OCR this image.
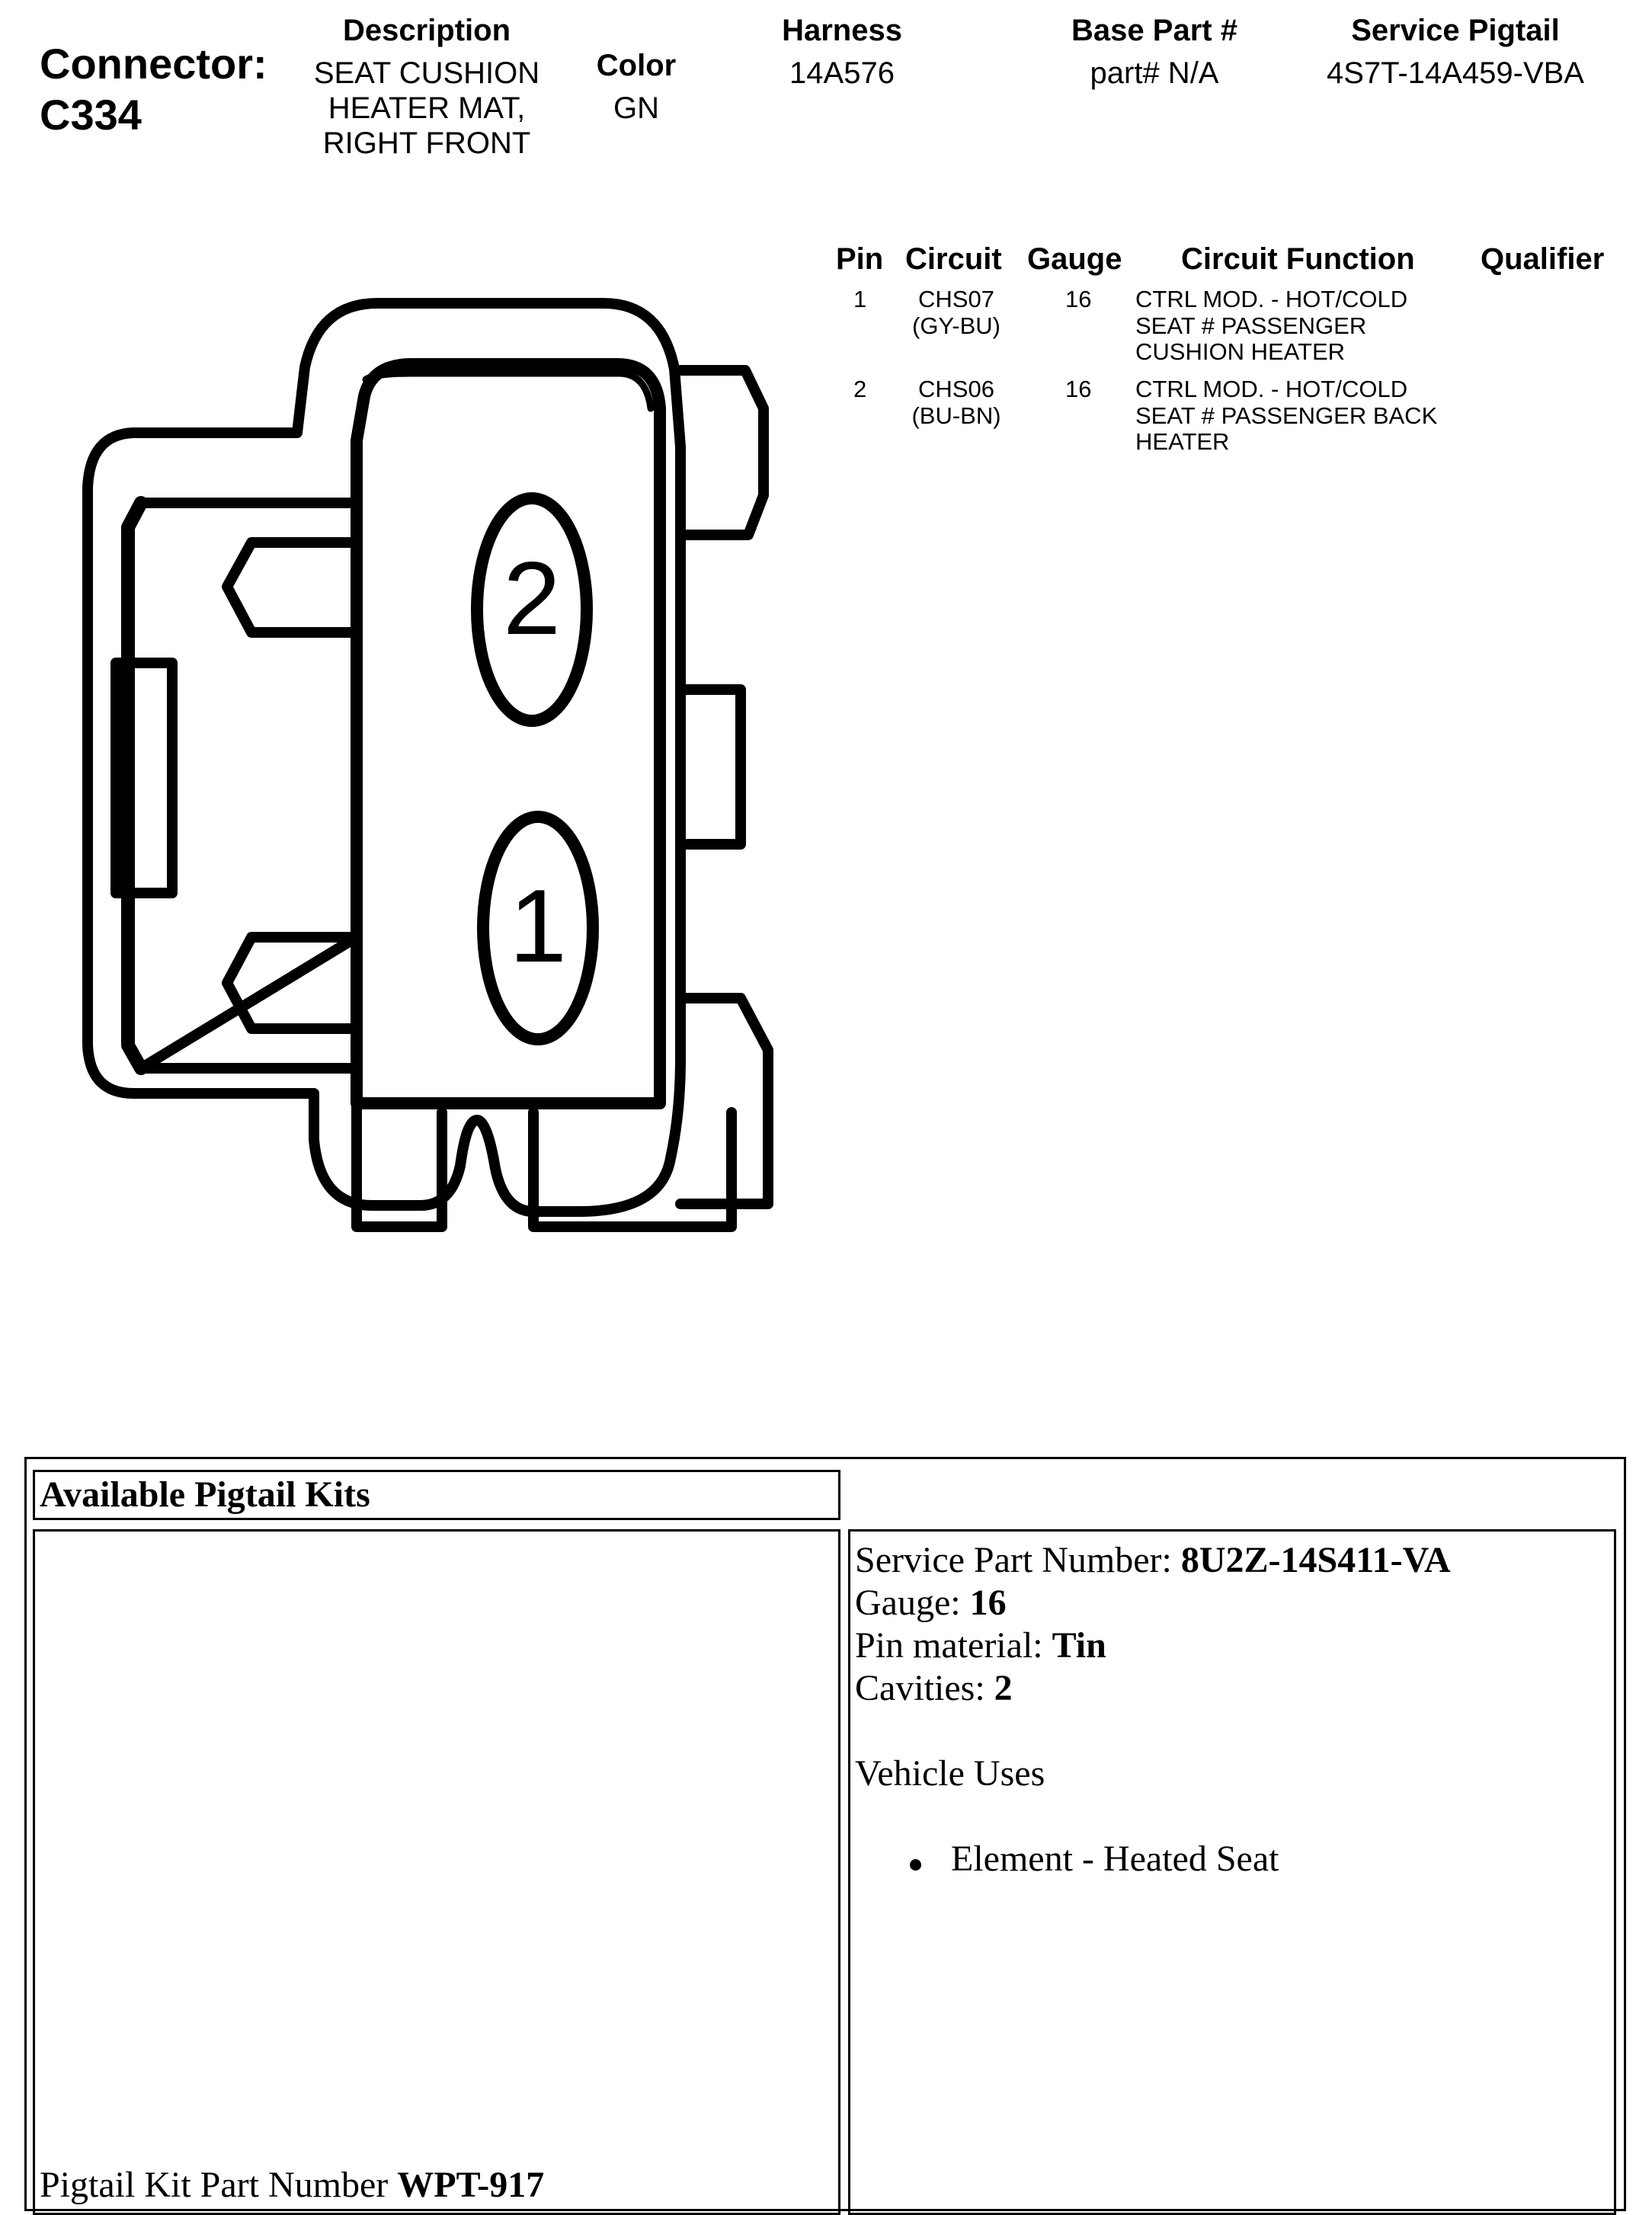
Connector:
C334
Description
SEAT CUSHION
HEATER MAT,
RIGHT FRONT
Color
GN
Harness
14A576
Base Part #
part# N/A
Service Pigtail
4S7T-14A459-VBA
Pin Circuit Gauge Circuit Function Qualifier
1	CHS07
(GY-BU)
16 CTRL MOD. - HOT/COLD
SEAT # PASSENGER
CUSHION HEATER
2	CHS06
(BU-BN)
16 CTRL MOD. - HOT/COLD
SEAT # PASSENGER BACK
HEATER
2
1
Available Pigtail Kits
Pigtail Kit Part Number WPT-917
Service Part Number: 8U2Z-14S411-VA
Gauge: 16
Pin material: Tin
Cavities: 2
Vehicle Uses
Element - Heated Seat
